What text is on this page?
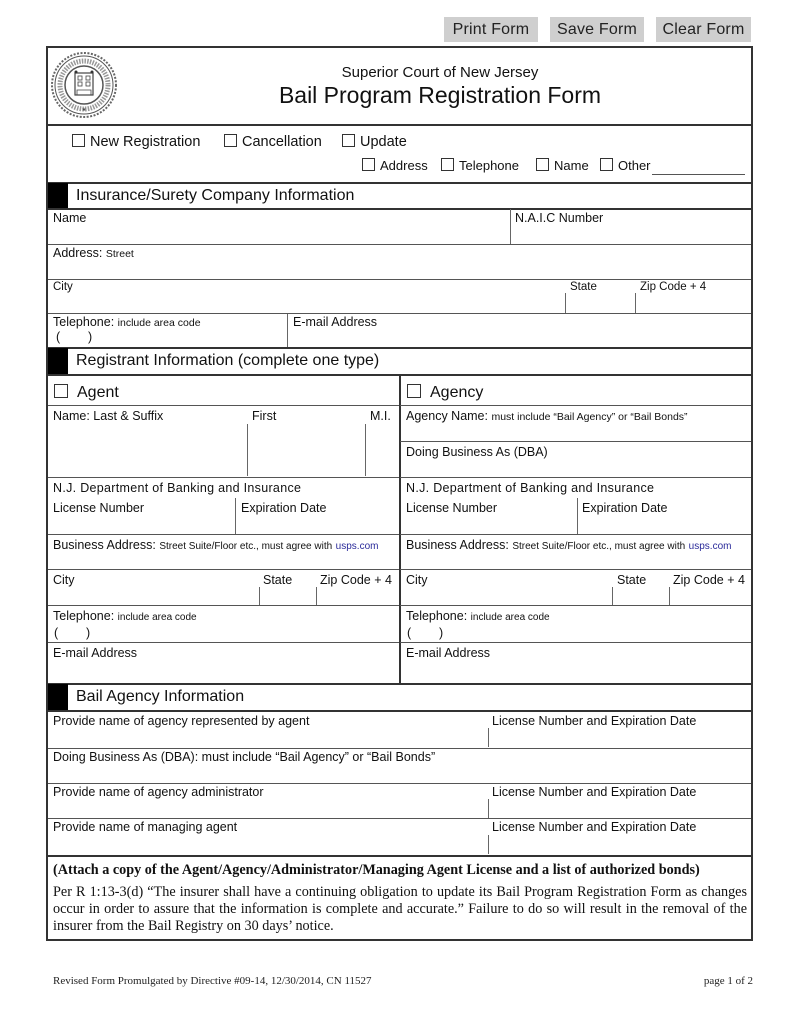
Print Form	Save Form	Clear Form
★
Superior Court of New Jersey
Bail Program Registration Form
New Registration	Cancellation	Update
Address	Telephone	Name	Other
Insurance/Surety Company Information
Name	N.A.I.C Number
Address: Street
City	State	Zip Code + 4
Telephone: include area code
(        )
E-mail Address
Registrant Information (complete one type)
Agent
Name: Last & Suffix	First	M.I.
N.J. Department of Banking and Insurance
License Number	Expiration Date
Business Address: Street Suite/Floor etc., must agree with usps.com
City	State Zip Code + 4
Telephone: include area code
(        )
E-mail Address
Agency
Agency Name: must include “Bail Agency” or “Bail Bonds”
Doing Business As (DBA)
N.J. Department of Banking and Insurance
License Number	Expiration Date
Business Address: Street Suite/Floor etc., must agree with usps.com
City	State Zip Code + 4
Telephone: include area code
(        )
E-mail Address
Bail Agency Information
Provide name of agency represented by agent	License Number and Expiration Date
Doing Business As (DBA): must include “Bail Agency” or “Bail Bonds”
Provide name of agency administrator	License Number and Expiration Date
Provide name of managing agent	License Number and Expiration Date
(Attach a copy of the Agent/Agency/Administrator/Managing Agent License and a list of authorized bonds)
Per R 1:13-3(d) “The insurer shall have a continuing obligation to update its Bail Program Registration Form as changes occur in order to assure that the information is complete and accurate.” Failure to do so will result in the removal of the insurer from the Bail Registry on 30 days’ notice.
Revised Form Promulgated by Directive #09-14, 12/30/2014, CN 11527	page 1 of 2
